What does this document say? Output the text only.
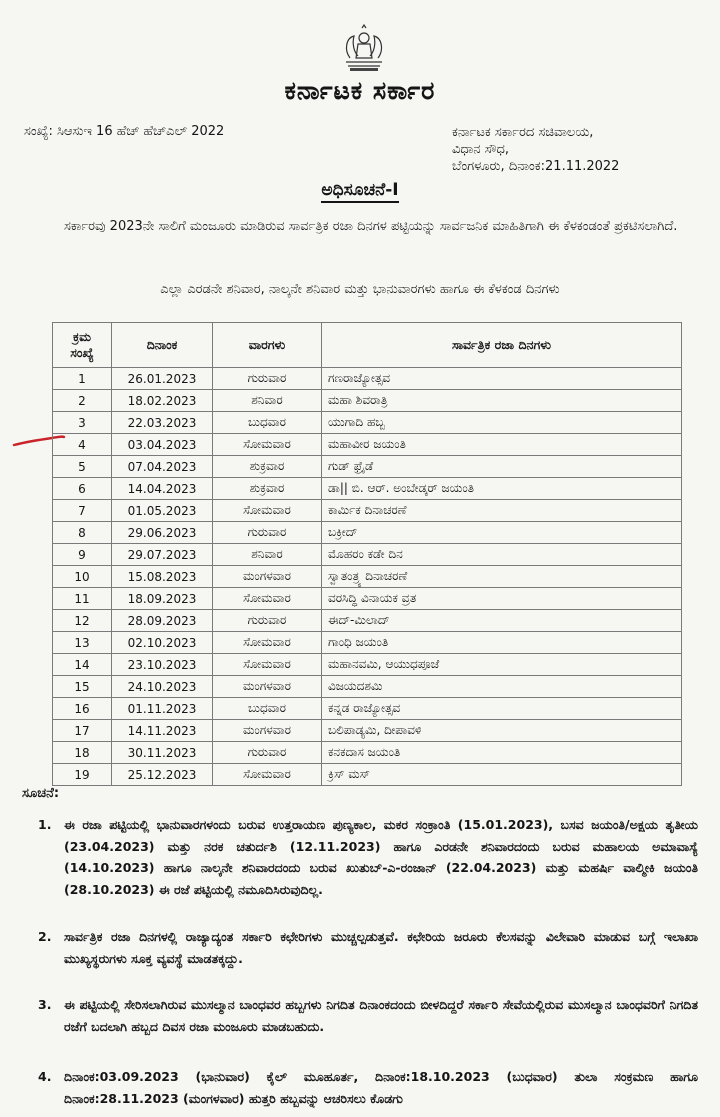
ಕರ್ನಾಟಕ ಸರ್ಕಾರ
ಸಂಖ್ಯೆ: ಸಿಆಸುಇ 16 ಹೆಚ್ ಹೆಚ್ಎಲ್ 2022	ಕರ್ನಾಟಕ ಸರ್ಕಾರದ ಸಚಿವಾಲಯ,
ವಿಧಾನ ಸೌಧ,
ಬೆಂಗಳೂರು, ದಿನಾಂಕ:21.11.2022
ಅಧಿಸೂಚನೆ-I
ಸರ್ಕಾರವು 2023ನೇ ಸಾಲಿಗೆ ಮಂಜೂರು ಮಾಡಿರುವ ಸಾರ್ವತ್ರಿಕ ರಜಾ ದಿನಗಳ ಪಟ್ಟಿಯನ್ನು ಸಾರ್ವಜನಿಕ ಮಾಹಿತಿಗಾಗಿ ಈ ಕೆಳಕಂಡಂತೆ ಪ್ರಕಟಿಸಲಾಗಿದೆ.
ಎಲ್ಲಾ ಎರಡನೇ ಶನಿವಾರ, ನಾಲ್ಕನೇ ಶನಿವಾರ ಮತ್ತು ಭಾನುವಾರಗಳು ಹಾಗೂ ಈ ಕೆಳಕಂಡ ದಿನಗಳು
ಕ್ರಮ
ಸಂಖ್ಯೆ	ದಿನಾಂಕ	ವಾರಗಳು	ಸಾರ್ವತ್ರಿಕ ರಜಾ ದಿನಗಳು
1	26.01.2023	ಗುರುವಾರ	ಗಣರಾಜ್ಯೋತ್ಸವ
2	18.02.2023	ಶನಿವಾರ	ಮಹಾ ಶಿವರಾತ್ರಿ
3	22.03.2023	ಬುಧವಾರ	ಯುಗಾದಿ ಹಬ್ಬ
4	03.04.2023	ಸೋಮವಾರ	ಮಹಾವೀರ ಜಯಂತಿ
5	07.04.2023	ಶುಕ್ರವಾರ	ಗುಡ್ ಫ್ರೈಡೆ
6	14.04.2023	ಶುಕ್ರವಾರ	ಡಾ|| ಬಿ. ಆರ್. ಅಂಬೇಡ್ಕರ್ ಜಯಂತಿ
7	01.05.2023	ಸೋಮವಾರ	ಕಾರ್ಮಿಕ ದಿನಾಚರಣೆ
8	29.06.2023	ಗುರುವಾರ	ಬಕ್ರೀದ್
9	29.07.2023	ಶನಿವಾರ	ಮೊಹರಂ ಕಡೇ ದಿನ
10	15.08.2023	ಮಂಗಳವಾರ	ಸ್ವಾತಂತ್ರ್ಯ ದಿನಾಚರಣೆ
11	18.09.2023	ಸೋಮವಾರ	ವರಸಿದ್ಧಿ ವಿನಾಯಕ ವ್ರತ
12	28.09.2023	ಗುರುವಾರ	ಈದ್-ಮಿಲಾದ್
13	02.10.2023	ಸೋಮವಾರ	ಗಾಂಧಿ ಜಯಂತಿ
14	23.10.2023	ಸೋಮವಾರ	ಮಹಾನವಮಿ, ಆಯುಧಪೂಜೆ
15	24.10.2023	ಮಂಗಳವಾರ	ವಿಜಯದಶಮಿ
16	01.11.2023	ಬುಧವಾರ	ಕನ್ನಡ ರಾಜ್ಯೋತ್ಸವ
17	14.11.2023	ಮಂಗಳವಾರ	ಬಲಿಪಾಡ್ಯಮಿ, ದೀಪಾವಳಿ
18	30.11.2023	ಗುರುವಾರ	ಕನಕದಾಸ ಜಯಂತಿ
19	25.12.2023	ಸೋಮವಾರ	ಕ್ರಿಸ್ ಮಸ್
ಸೂಚನೆ:
1. ಈ ರಜಾ ಪಟ್ಟಿಯಲ್ಲಿ ಭಾನುವಾರಗಳಂದು ಬರುವ ಉತ್ತರಾಯಣ ಪುಣ್ಯಕಾಲ, ಮಕರ ಸಂಕ್ರಾಂತಿ (15.01.2023), ಬಸವ ಜಯಂತಿ/ಅಕ್ಷಯ ತೃತೀಯ (23.04.2023) ಮತ್ತು ನರಕ ಚತುರ್ದಶಿ (12.11.2023) ಹಾಗೂ ಎರಡನೇ ಶನಿವಾರದಂದು ಬರುವ ಮಹಾಲಯ ಅಮಾವಾಸ್ಯೆ (14.10.2023) ಹಾಗೂ ನಾಲ್ಕನೇ ಶನಿವಾರದಂದು ಬರುವ ಖುತುಬ್-ಎ-ರಂಜಾನ್ (22.04.2023) ಮತ್ತು ಮಹರ್ಷಿ ವಾಲ್ಮೀಕಿ ಜಯಂತಿ (28.10.2023) ಈ ರಜೆ ಪಟ್ಟಿಯಲ್ಲಿ ನಮೂದಿಸಿರುವುದಿಲ್ಲ.
2. ಸಾರ್ವತ್ರಿಕ ರಜಾ ದಿನಗಳಲ್ಲಿ ರಾಜ್ಯಾದ್ಯಂತ ಸರ್ಕಾರಿ ಕಛೇರಿಗಳು ಮುಚ್ಚಲ್ಪಡುತ್ತವೆ. ಕಛೇರಿಯ ಜರೂರು ಕೆಲಸವನ್ನು ವಿಲೇವಾರಿ ಮಾಡುವ ಬಗ್ಗೆ ಇಲಾಖಾ ಮುಖ್ಯಸ್ಥರುಗಳು ಸೂಕ್ತ ವ್ಯವಸ್ಥೆ ಮಾಡತಕ್ಕದ್ದು.
3. ಈ ಪಟ್ಟಿಯಲ್ಲಿ ಸೇರಿಸಲಾಗಿರುವ ಮುಸಲ್ಮಾನ ಬಾಂಧವರ ಹಬ್ಬಗಳು ನಿಗದಿತ ದಿನಾಂಕದಂದು ಬೀಳದಿದ್ದರೆ ಸರ್ಕಾರಿ ಸೇವೆಯಲ್ಲಿರುವ ಮುಸಲ್ಮಾನ ಬಾಂಧವರಿಗೆ ನಿಗದಿತ ರಜೆಗೆ ಬದಲಾಗಿ ಹಬ್ಬದ ದಿವಸ ರಜಾ ಮಂಜೂರು ಮಾಡಬಹುದು.
4. ದಿನಾಂಕ:03.09.2023 (ಭಾನುವಾರ) ಕೈಲ್ ಮೂಹೂರ್ತ, ದಿನಾಂಕ:18.10.2023 (ಬುಧವಾರ) ತುಲಾ ಸಂಕ್ರಮಣ ಹಾಗೂ ದಿನಾಂಕ:28.11.2023 (ಮಂಗಳವಾರ) ಹುತ್ತರಿ ಹಬ್ಬವನ್ನು ಆಚರಿಸಲು ಕೊಡಗು
